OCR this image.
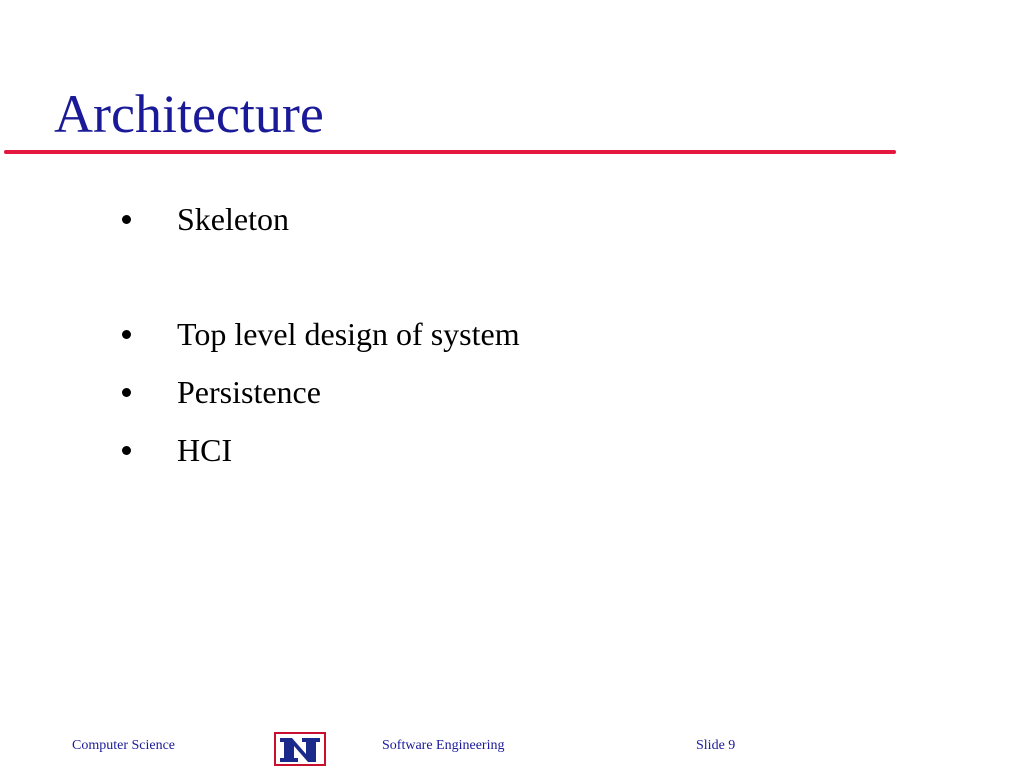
Architecture
Skeleton
Top level design of system
Persistence
HCI
Computer Science	Software Engineering	Slide 9
